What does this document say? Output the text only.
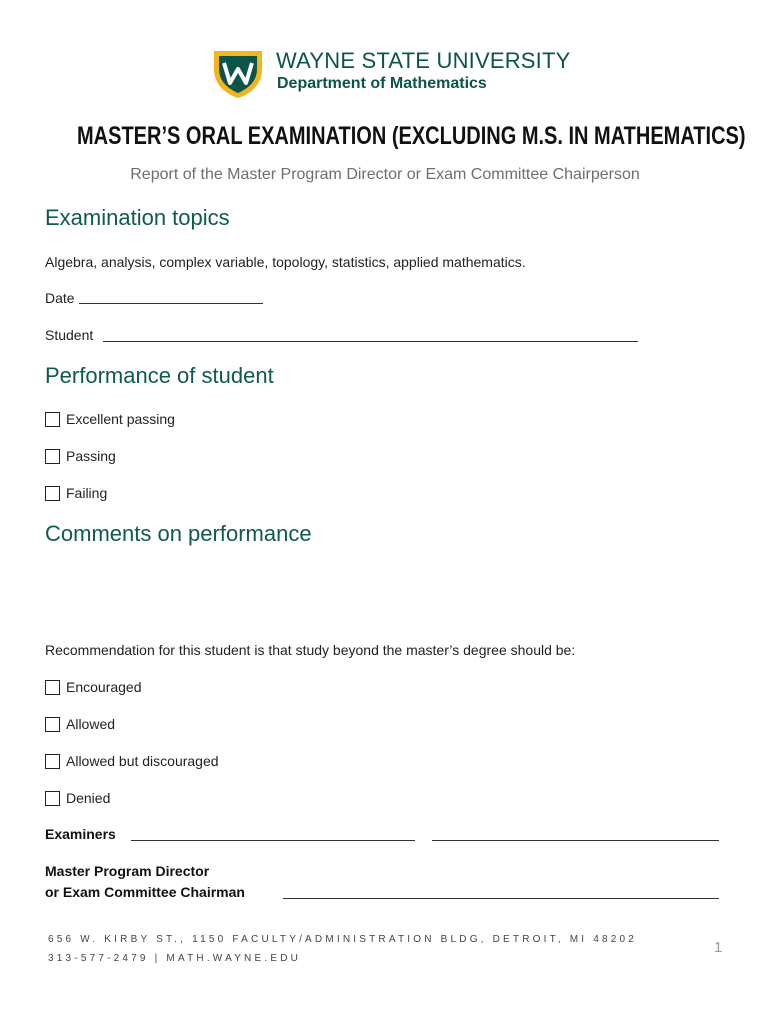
WAYNE STATE UNIVERSITY
Department of Mathematics
MASTER’S ORAL EXAMINATION (EXCLUDING M.S. IN MATHEMATICS)
Report of the Master Program Director or Exam Committee Chairperson
Examination topics
Algebra, analysis, complex variable, topology, statistics, applied mathematics.
Date
Student
Performance of student
Excellent passing
Passing
Failing
Comments on performance
Recommendation for this student is that study beyond the master’s degree should be:
Encouraged
Allowed
Allowed but discouraged
Denied
Examiners
Master Program Director
or Exam Committee Chairman
656 W. KIRBY ST., 1150 FACULTY/ADMINISTRATION BLDG, DETROIT, MI 48202
313-577-2479 | MATH.WAYNE.EDU
1
